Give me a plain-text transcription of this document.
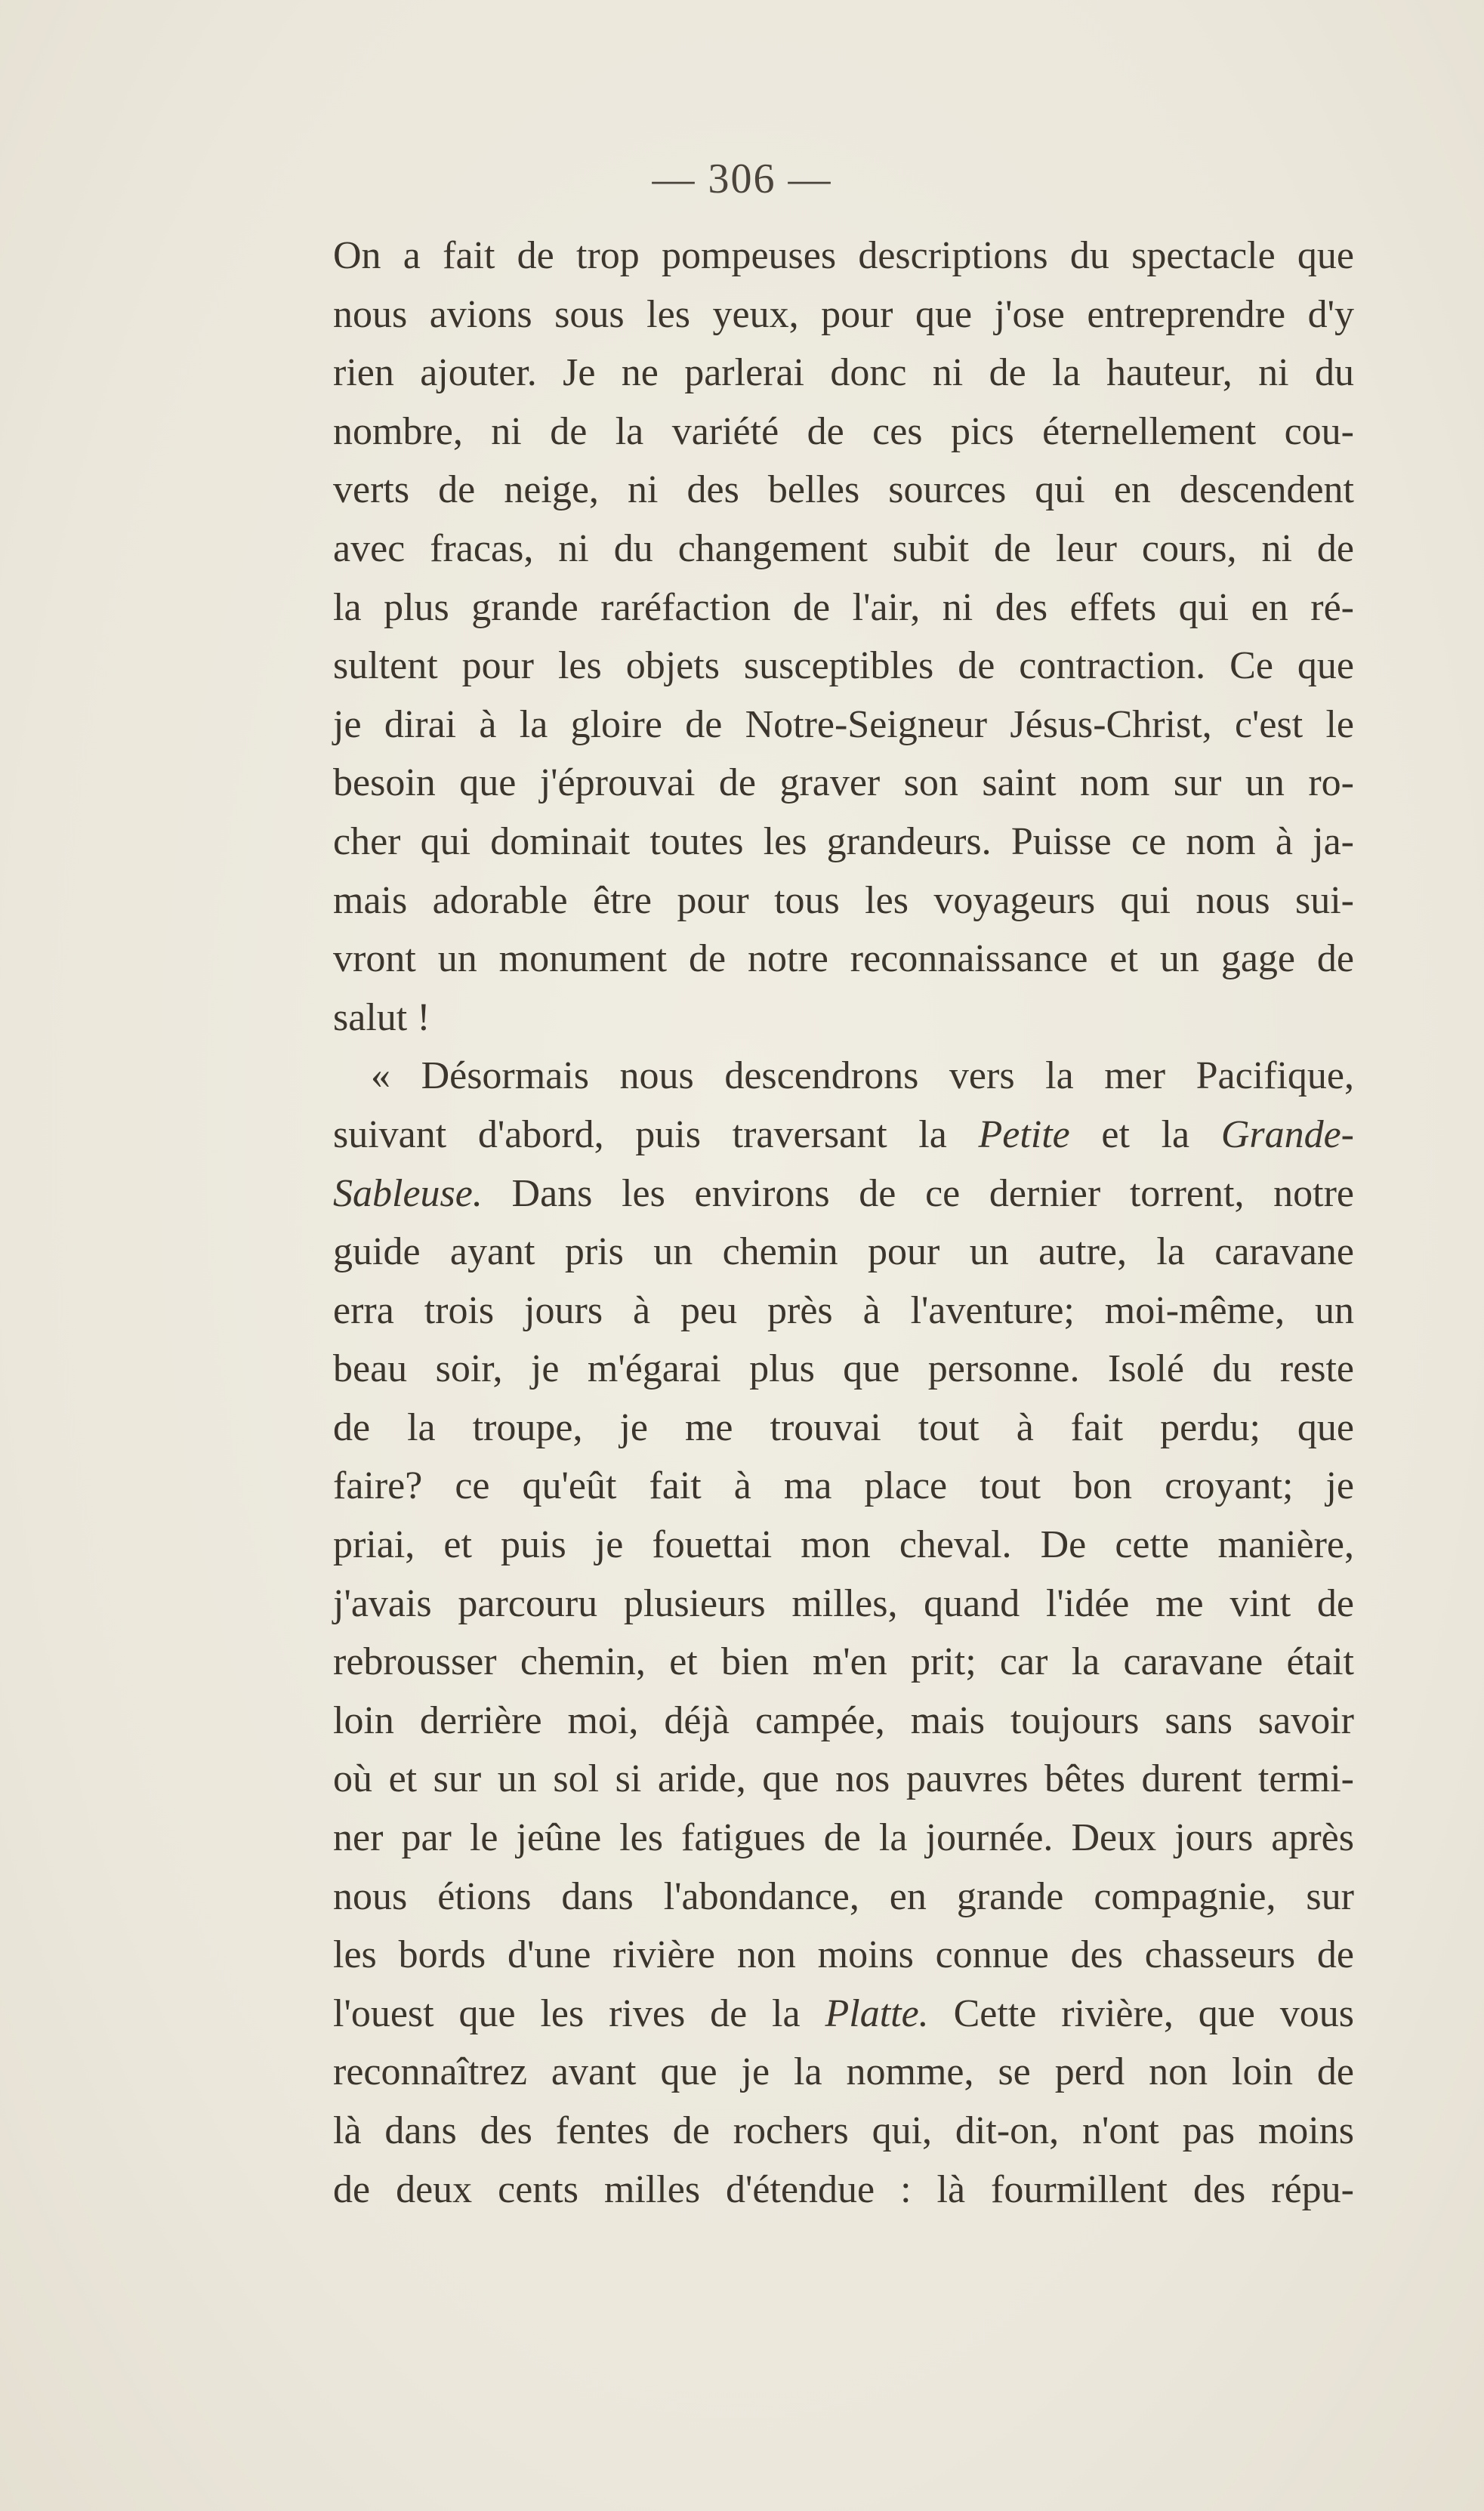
— 306 —
On a fait de trop pompeuses descriptions du spectacle que
nous avions sous les yeux, pour que j'ose entreprendre d'y
rien ajouter. Je ne parlerai donc ni de la hauteur, ni du
nombre, ni de la variété de ces pics éternellement cou-
verts de neige, ni des belles sources qui en descendent
avec fracas, ni du changement subit de leur cours, ni de
la plus grande raréfaction de l'air, ni des effets qui en ré-
sultent pour les objets susceptibles de contraction. Ce que
je dirai à la gloire de Notre-Seigneur Jésus-Christ, c'est le
besoin que j'éprouvai de graver son saint nom sur un ro-
cher qui dominait toutes les grandeurs. Puisse ce nom à ja-
mais adorable être pour tous les voyageurs qui nous sui-
vront un monument de notre reconnaissance et un gage de
salut !
« Désormais nous descendrons vers la mer Pacifique,
suivant d'abord, puis traversant la Petite et la Grande-
Sableuse. Dans les environs de ce dernier torrent, notre
guide ayant pris un chemin pour un autre, la caravane
erra trois jours à peu près à l'aventure; moi-même, un
beau soir, je m'égarai plus que personne. Isolé du reste
de la troupe, je me trouvai tout à fait perdu; que
faire? ce qu'eût fait à ma place tout bon croyant; je
priai, et puis je fouettai mon cheval. De cette manière,
j'avais parcouru plusieurs milles, quand l'idée me vint de
rebrousser chemin, et bien m'en prit; car la caravane était
loin derrière moi, déjà campée, mais toujours sans savoir
où et sur un sol si aride, que nos pauvres bêtes durent termi-
ner par le jeûne les fatigues de la journée. Deux jours après
nous étions dans l'abondance, en grande compagnie, sur
les bords d'une rivière non moins connue des chasseurs de
l'ouest que les rives de la Platte. Cette rivière, que vous
reconnaîtrez avant que je la nomme, se perd non loin de
là dans des fentes de rochers qui, dit-on, n'ont pas moins
de deux cents milles d'étendue : là fourmillent des répu-
